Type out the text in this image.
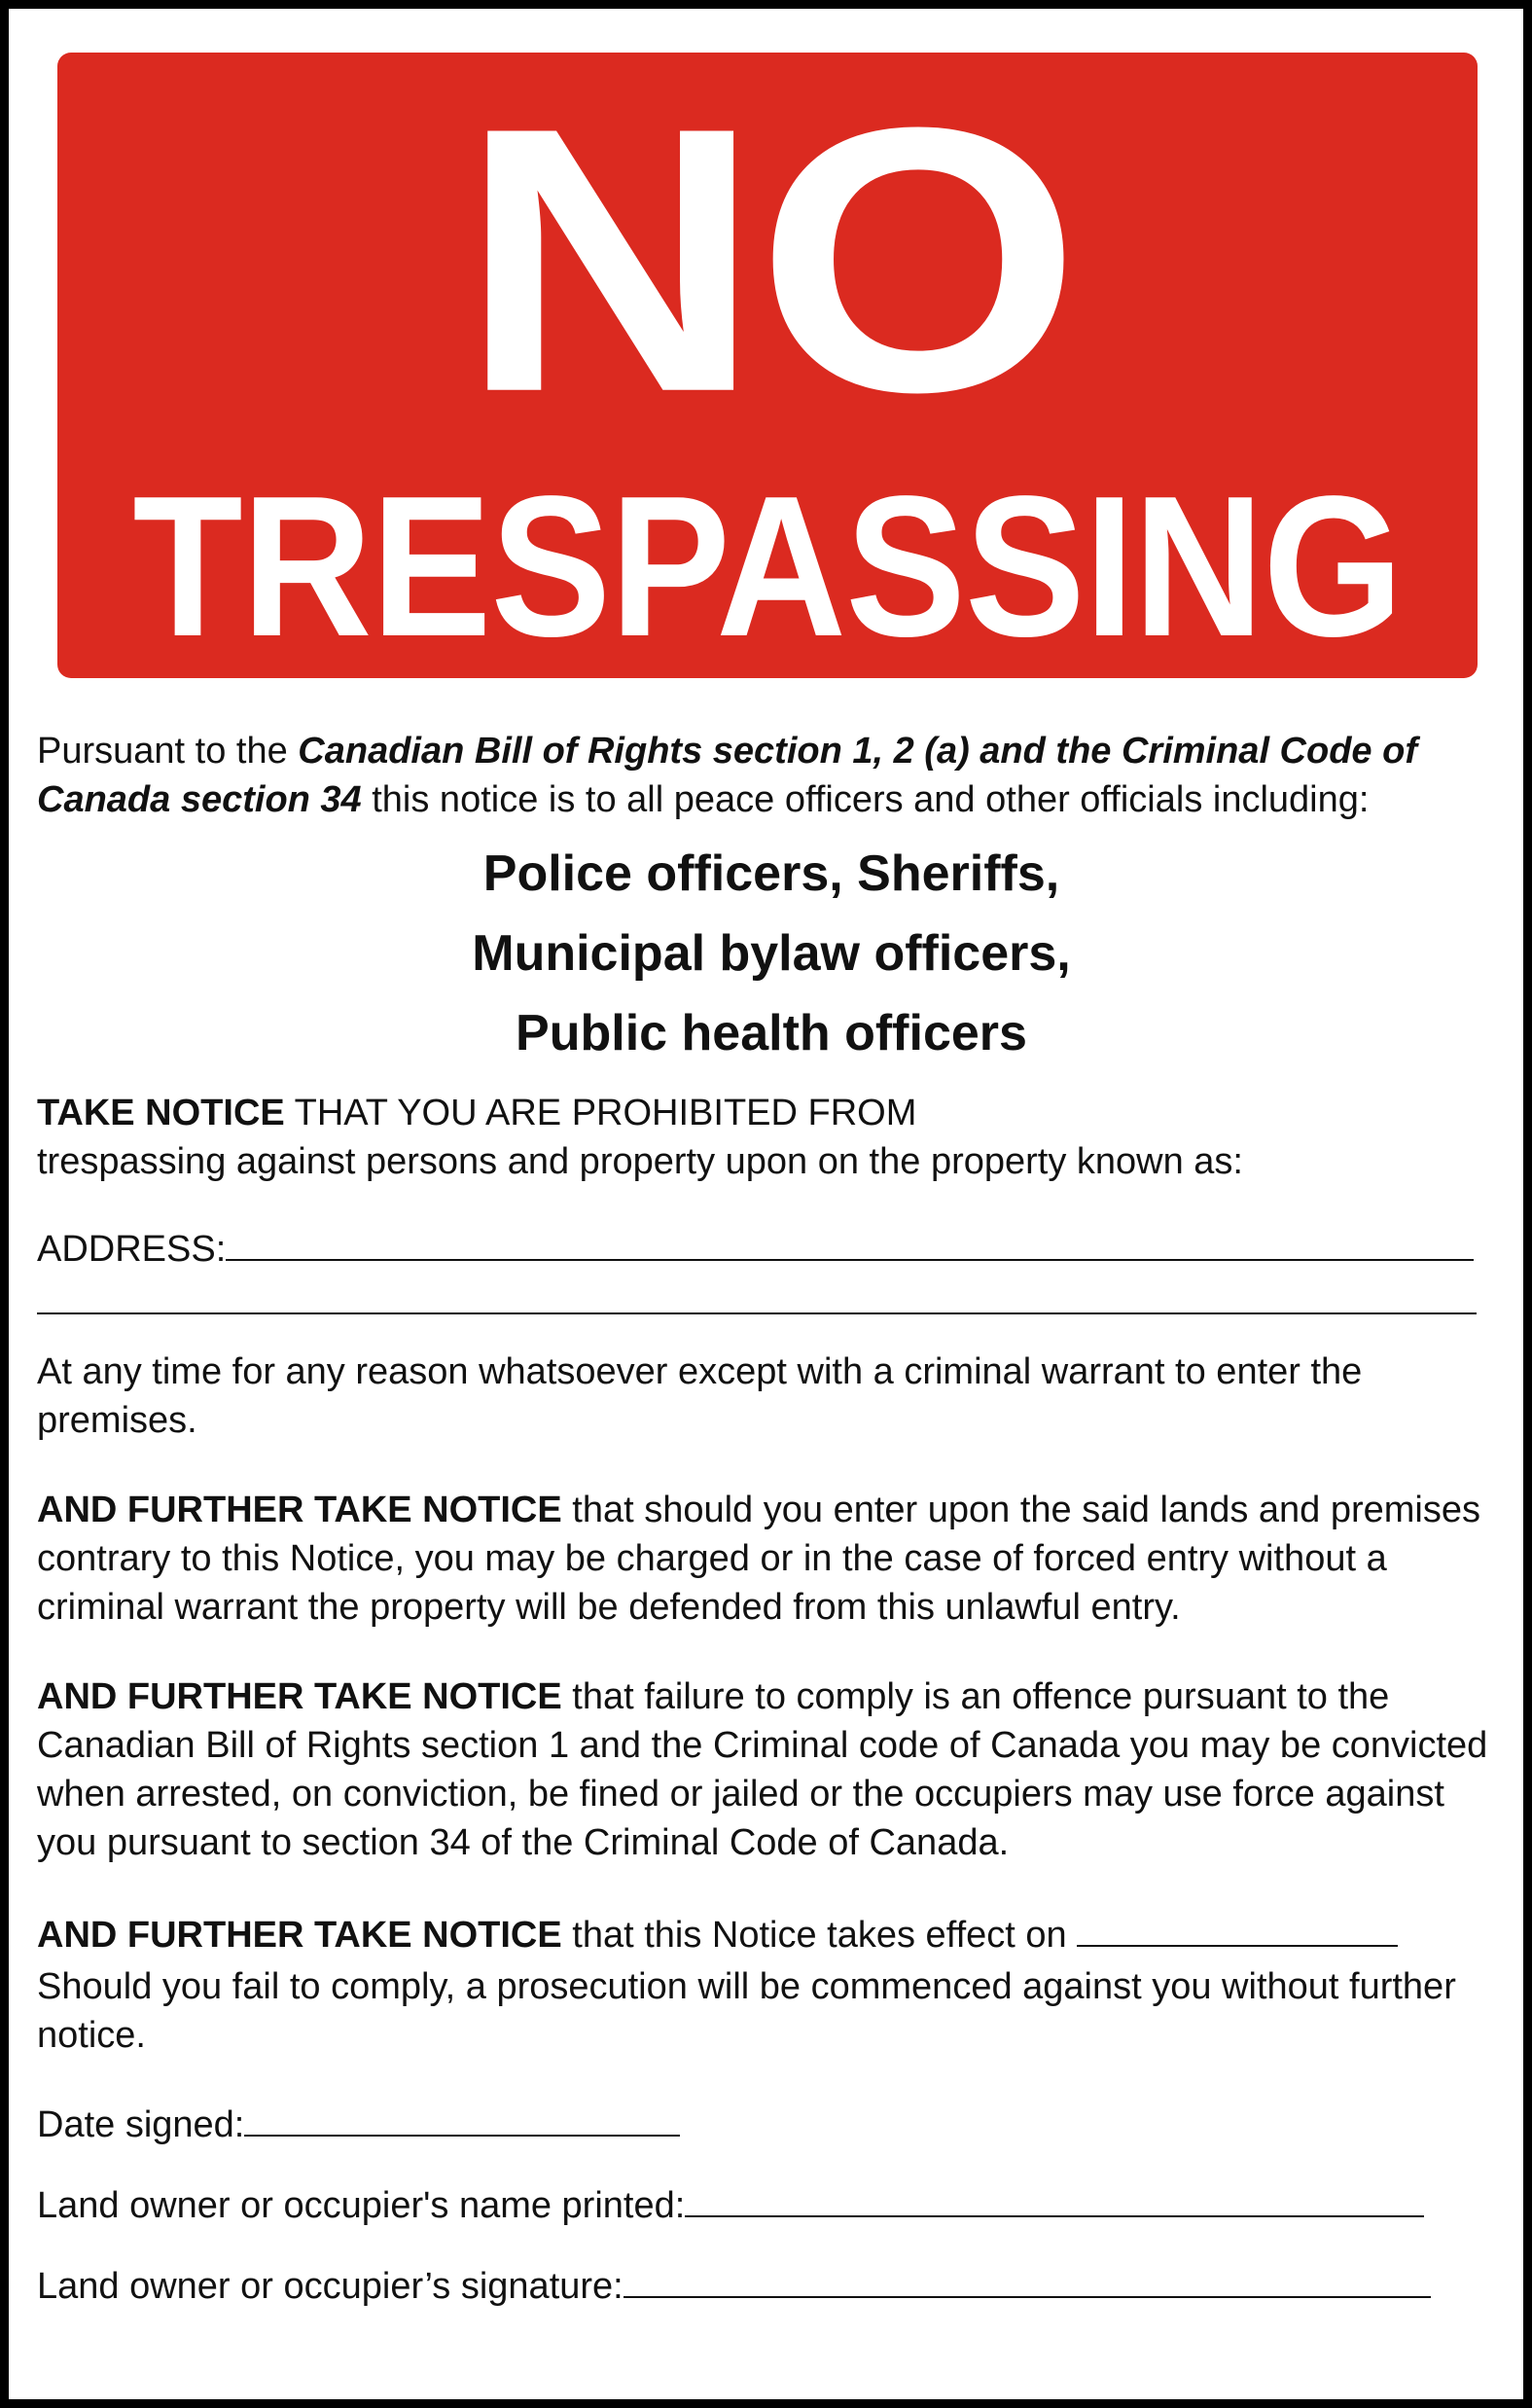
NO
TRESPASSING

Pursuant to the Canadian Bill of Rights section 1, 2 (a) and the Criminal Code of Canada section 34 this notice is to all peace officers and other officials including:

Police officers, Sheriffs,
Municipal bylaw officers,
Public health officers

TAKE NOTICE THAT YOU ARE PROHIBITED FROM
trespassing against persons and property upon on the property known as:

ADDRESS:

At any time for any reason whatsoever except with a criminal warrant to enter the premises.

AND FURTHER TAKE NOTICE that should you enter upon the said lands and premises contrary to this Notice, you may be charged or in the case of forced entry without a criminal warrant the property will be defended from this unlawful entry.

AND FURTHER TAKE NOTICE that failure to comply is an offence pursuant to the Canadian Bill of Rights section 1 and the Criminal code of Canada you may be convicted when arrested, on conviction, be fined or jailed or the occupiers may use force against you pursuant to section 34 of the Criminal Code of Canada.

AND FURTHER TAKE NOTICE that this Notice takes effect on

Should you fail to comply, a prosecution will be commenced against you without further notice.

Date signed:

Land owner or occupier's name printed:

Land owner or occupier’s signature:
